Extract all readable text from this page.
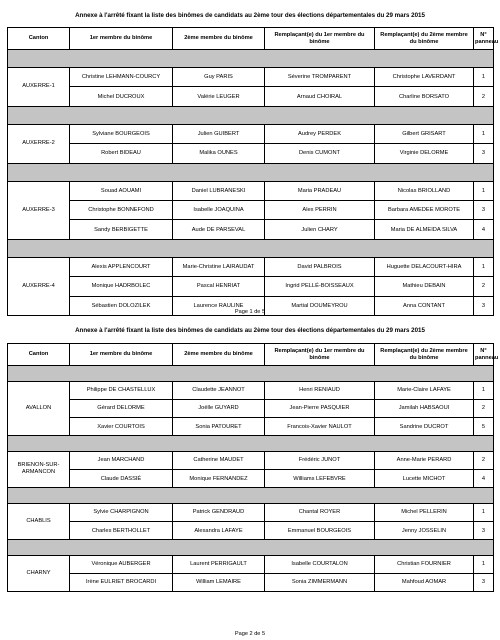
Annexe à l'arrêté fixant la liste des binômes de candidats au 2ème tour des élections départementales du 29 mars 2015
Canton	1er membre du binôme	2ème membre du binôme	Remplaçant(e) du 1er membre du binôme	Remplaçant(e) du 2ème membre du binôme	N° panneau

AUXERRE-1	Christine LEHMANN-COURCY	Guy PARIS	Séverine TROMPARENT	Christophe LAVERDANT	1
	Michel DUCROUX	Valérie LEUGER	Arnaud CHOIRAL	Charline BORSATO	2

AUXERRE-2	Sylviane BOURGEOIS	Julien GUIBERT	Audrey PERDEK	Gilbert GRISART	1
	Robert BIDEAU	Malika OUNES	Denis CUMONT	Virginie DELORME	3

AUXERRE-3	Souad AOUAMI	Daniel LUBRANESKI	Maria PRADEAU	Nicolas BRIOLLAND	1
	Christophe BONNEFOND	Isabelle JOAQUINA	Alex PERRIN	Barbara AMEDEE MOROTE	3
	Sandy BERBIGETTE	Aude DE PARSEVAL	Julien CHARY	Maria DE ALMEIDA SILVA	4

AUXERRE-4	Alexis APPLENCOURT	Marie-Christine LAIRAUDAT	David PALBROIS	Huguette DELACOURT-HIRA	1
	Monique HADRBOLEC	Pascal HENRIAT	Ingrid PELLÉ-BOISSEAUX	Mathieu DEBAIN	2
	Sébastien DOLOZILEK	Laurence RAULINE	Martial DOUMEYROU	Anna CONTANT	3
Page 1 de 5
Annexe à l'arrêté fixant la liste des binômes de candidats au 2ème tour des élections départementales du 29 mars 2015
Canton	1er membre du binôme	2ème membre du binôme	Remplaçant(e) du 1er membre du binôme	Remplaçant(e) du 2ème membre du binôme	N° panneau

AVALLON	Philippe DE CHASTELLUX	Claudette JEANNOT	Henri RENIAUD	Marie-Claire LAFAYE	1
	Gérard DELORME	Joëlle GUYARD	Jean-Pierre PASQUIER	Jamilah HABSAOUI	2
	Xavier COURTOIS	Sonia PATOURET	Francois-Xavier NAULOT	Sandrine DUCROT	5

BRIENON-SUR-ARMANCON	Jean MARCHAND	Catherine MAUDET	Frédéric JUNOT	Anne-Marie PERARD	2
	Claude DASSIÉ	Monique FERNANDEZ	Williams LEFEBVRE	Lucette MICHOT	4

CHABLIS	Sylvie CHARPIGNON	Patrick GENDRAUD	Chantal ROYER	Michel PELLERIN	1
	Charles BERTHOLLET	Alexandra LAFAYE	Emmanuel BOURGEOIS	Jenny JOSSELIN	3

CHARNY	Véronique AUBERGER	Laurent PERRIGAULT	Isabelle COURTALON	Christian FOURNIER	1
	Irène EULRIET BROCARDI	William LEMAIRE	Sonia ZIMMERMANN	Mahfoud AOMAR	3
Page 2 de 5
